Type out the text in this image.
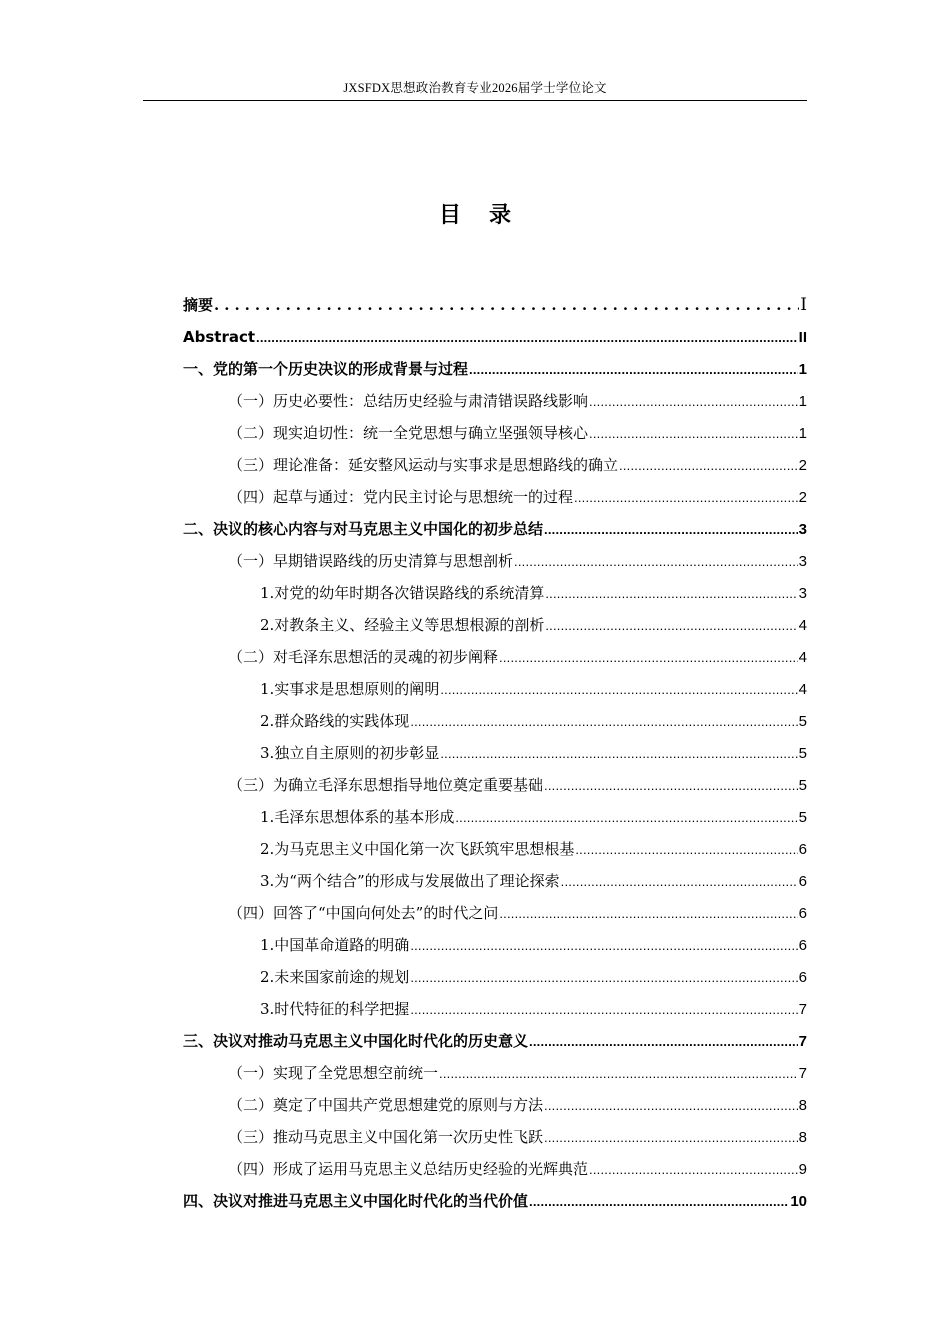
JXSFDX思想政治教育专业2026届学士学位论文
目录
摘要 .....	Ⅰ
Abstract .....	II
一、党的第一个历史决议的形成背景与过程 .....	1
（一）历史必要性：总结历史经验与肃清错误路线影响 .....	1
（二）现实迫切性：统一全党思想与确立坚强领导核心 .....	1
（三）理论准备：延安整风运动与实事求是思想路线的确立 .....	2
（四）起草与通过：党内民主讨论与思想统一的过程 .....	2
二、决议的核心内容与对马克思主义中国化的初步总结 .....	3
（一）早期错误路线的历史清算与思想剖析 .....	3
1.对党的幼年时期各次错误路线的系统清算 .....	3
2.对教条主义、经验主义等思想根源的剖析 .....	4
（二）对毛泽东思想活的灵魂的初步阐释 .....	4
1.实事求是思想原则的阐明 .....	4
2.群众路线的实践体现 .....	5
3.独立自主原则的初步彰显 .....	5
（三）为确立毛泽东思想指导地位奠定重要基础 .....	5
1.毛泽东思想体系的基本形成 .....	5
2.为马克思主义中国化第一次飞跃筑牢思想根基 .....	6
3.为“两个结合”的形成与发展做出了理论探索 .....	6
（四）回答了“中国向何处去”的时代之问 .....	6
1.中国革命道路的明确 .....	6
2.未来国家前途的规划 .....	6
3.时代特征的科学把握 .....	7
三、决议对推动马克思主义中国化时代化的历史意义 .....	7
（一）实现了全党思想空前统一 .....	7
（二）奠定了中国共产党思想建党的原则与方法 .....	8
（三）推动马克思主义中国化第一次历史性飞跃 .....	8
（四）形成了运用马克思主义总结历史经验的光辉典范 .....	9
四、决议对推进马克思主义中国化时代化的当代价值 .....	10
